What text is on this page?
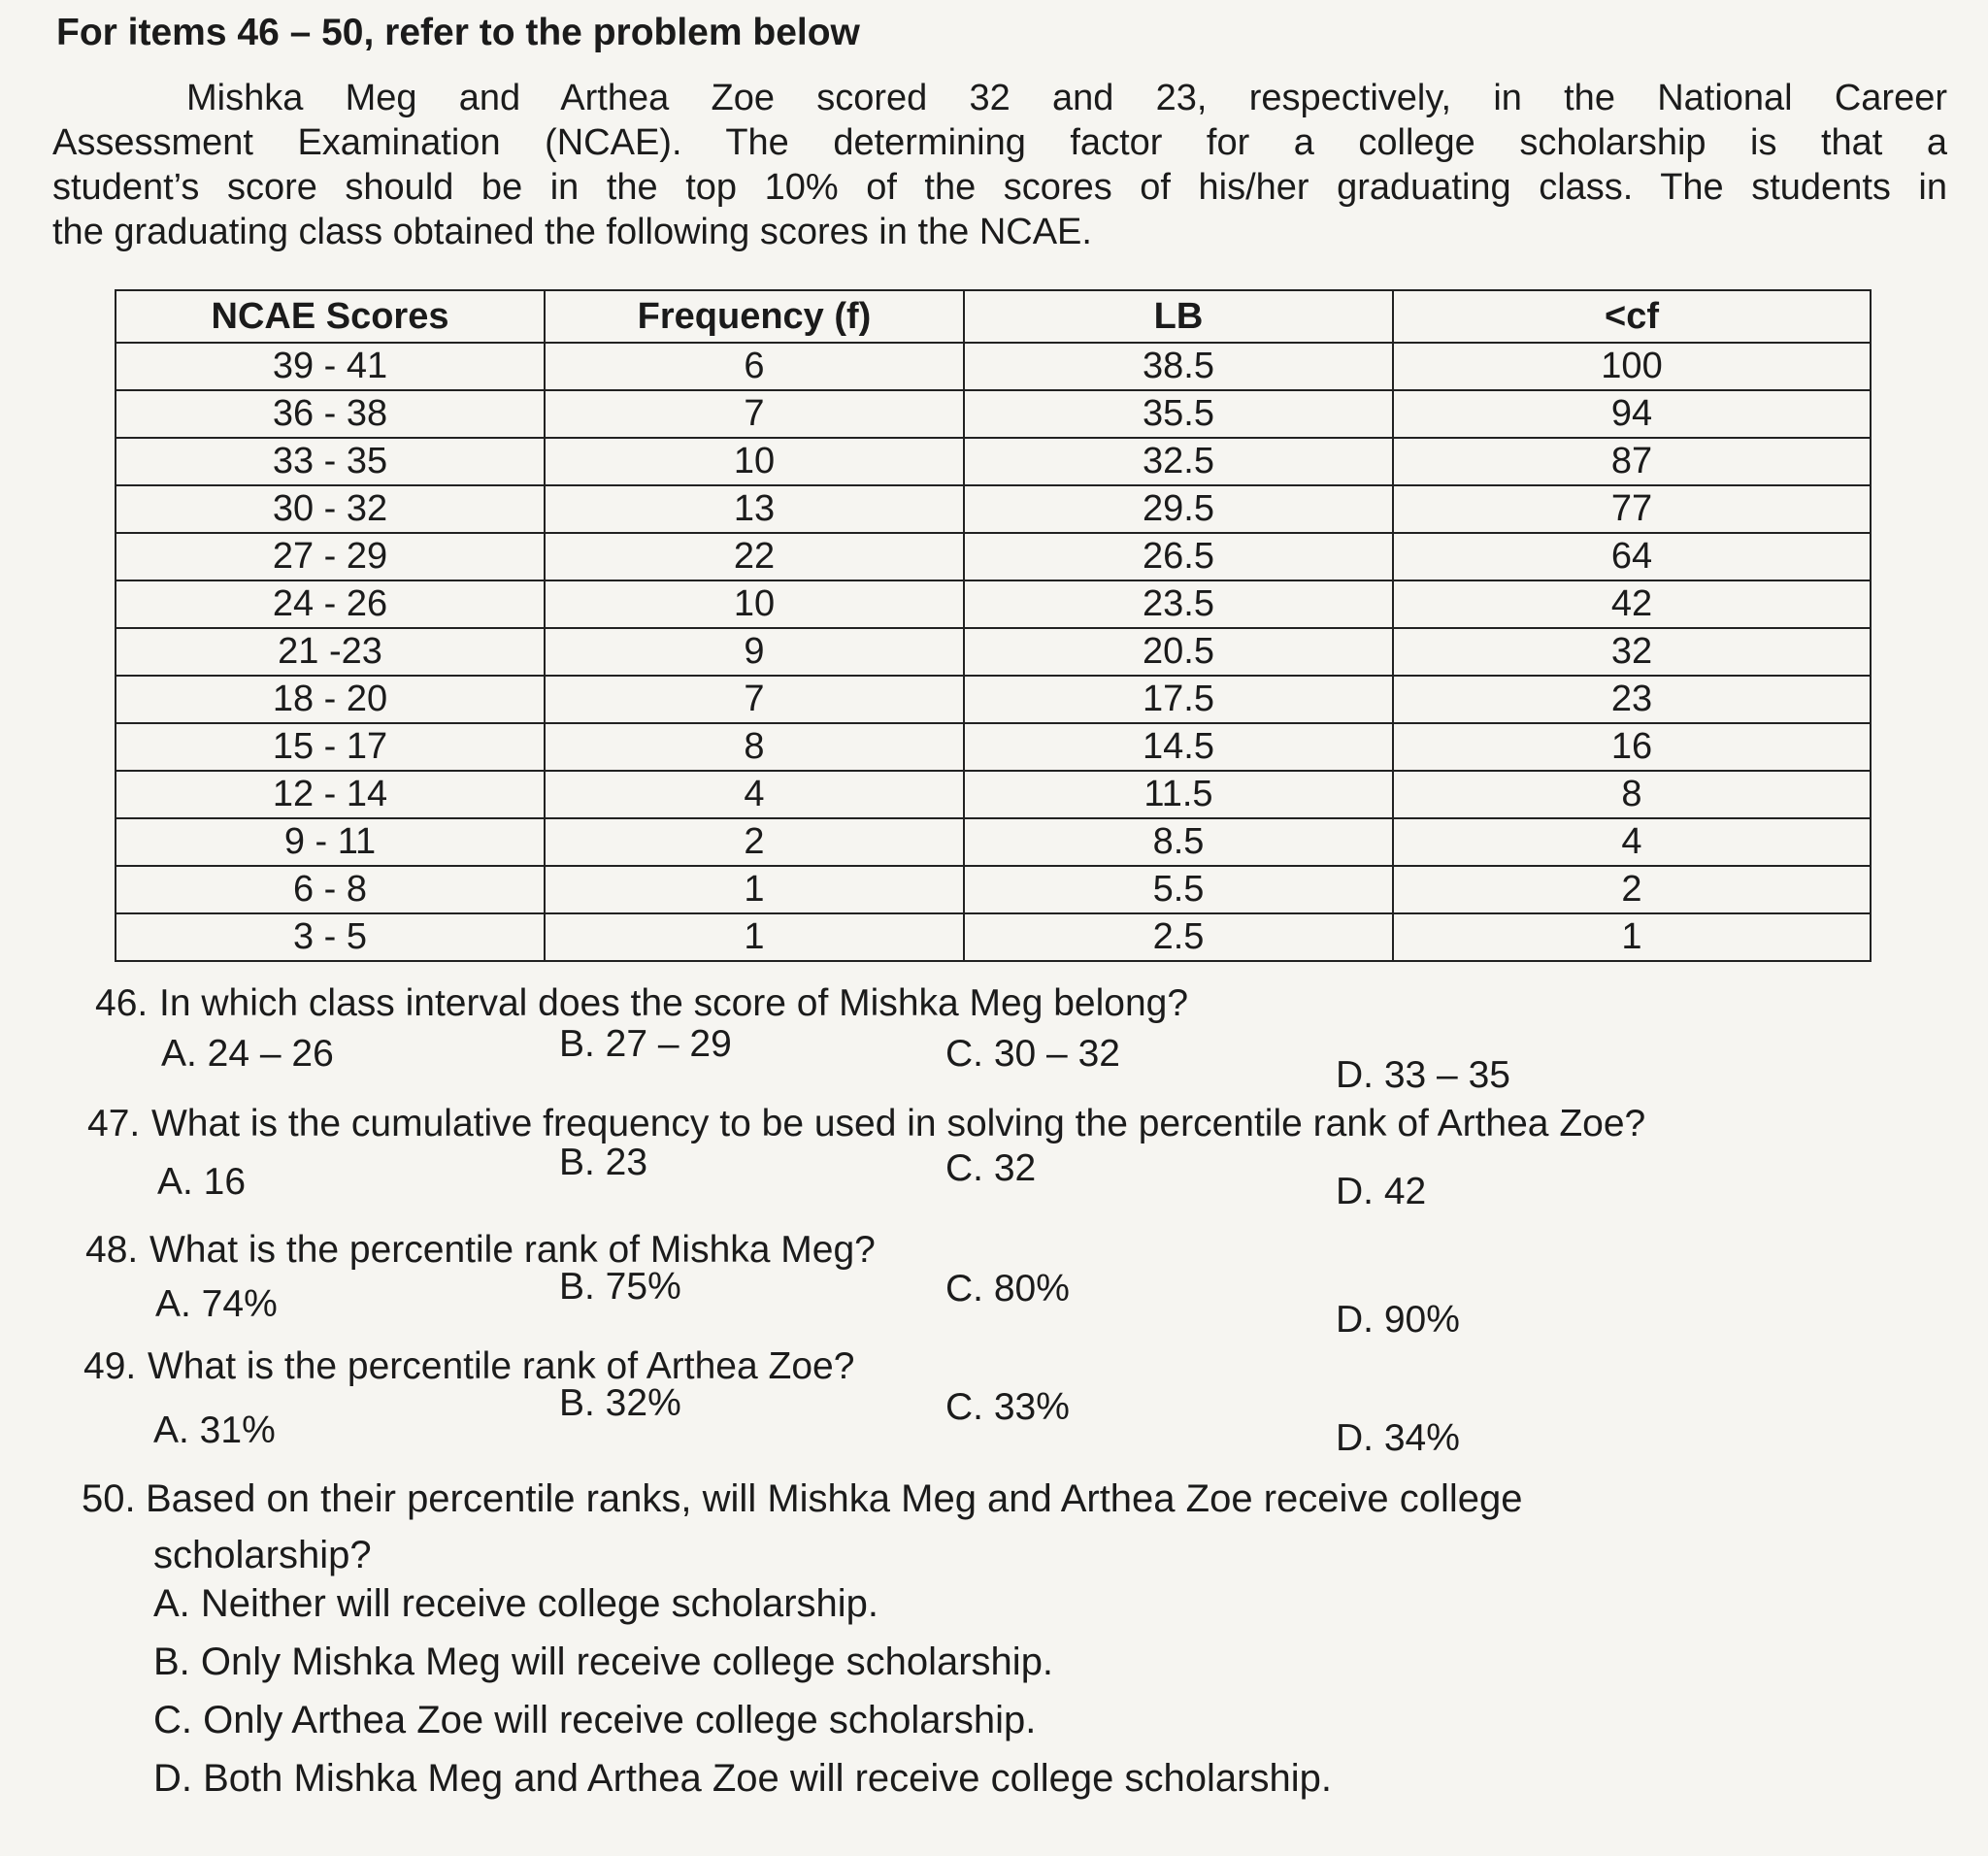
For items 46 – 50, refer to the problem below
Mishka Meg and Arthea Zoe scored 32 and 23, respectively, in the National Career
Assessment Examination (NCAE). The determining factor for a college scholarship is that a
student’s score should be in the top 10% of the scores of his/her graduating class. The students in
the graduating class obtained the following scores in the NCAE.
NCAE Scores	Frequency (f)	LB	<cf
39 - 41	6	38.5	100
36 - 38	7	35.5	94
33 - 35	10	32.5	87
30 - 32	13	29.5	77
27 - 29	22	26.5	64
24 - 26	10	23.5	42
21 -23	9	20.5	32
18 - 20	7	17.5	23
15 - 17	8	14.5	16
12 - 14	4	11.5	8
9 - 11	2	8.5	4
6 - 8	1	5.5	2
3 - 5	1	2.5	1
46. In which class interval does the score of Mishka Meg belong?
A. 24 – 26	B. 27 – 29	C. 30 – 32
D. 33 – 35
47. What is the cumulative frequency to be used in solving the percentile rank of Arthea Zoe?
A. 16	B. 23	C. 32
D. 42
48. What is the percentile rank of Mishka Meg?
A. 74%	B. 75%	C. 80%
D. 90%
49. What is the percentile rank of Arthea Zoe?
A. 31%
B. 32%	C. 33%
D. 34%
50. Based on their percentile ranks, will Mishka Meg and Arthea Zoe receive college
scholarship?
A. Neither will receive college scholarship.
B. Only Mishka Meg will receive college scholarship.
C. Only Arthea Zoe will receive college scholarship.
D. Both Mishka Meg and Arthea Zoe will receive college scholarship.
